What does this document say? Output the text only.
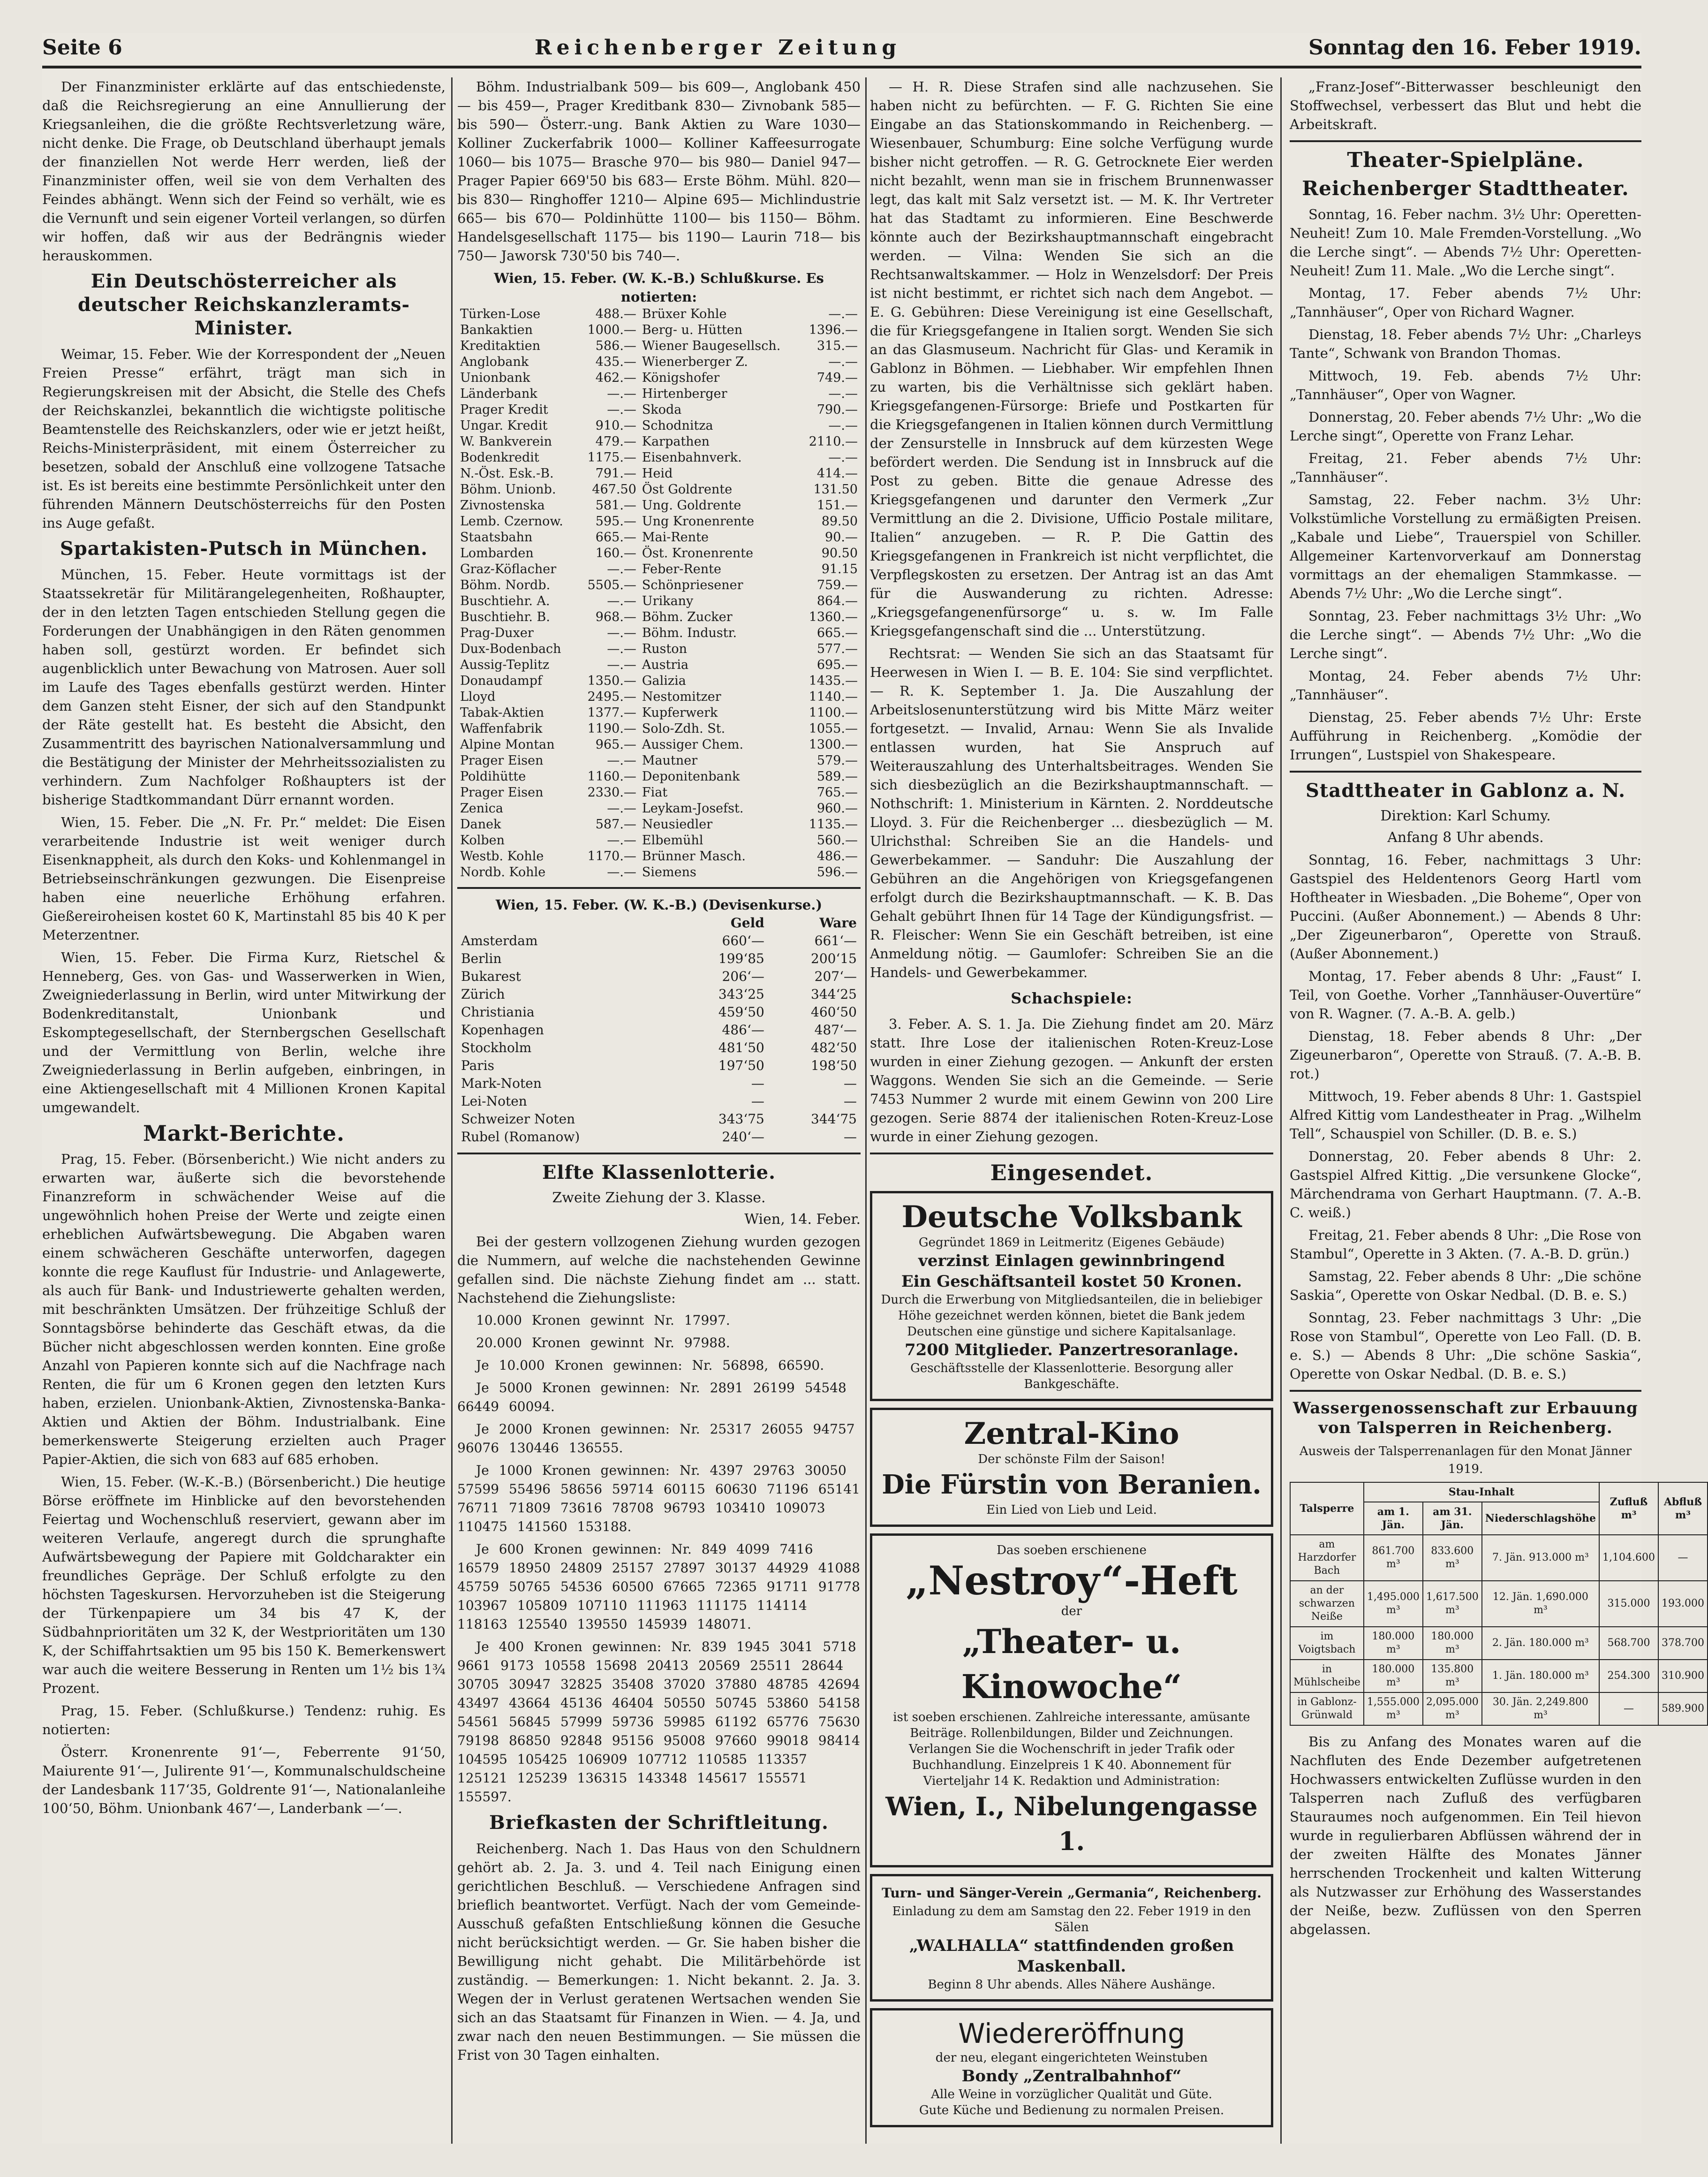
Seite 6	Reichenberger Zeitung	Sonntag den 16. Feber 1919.

Der Finanzminister erklärte auf das entschiedenste, daß die Reichsregierung an eine Annullierung der Kriegsanleihen, die die größte Rechtsverletzung wäre, nicht denke. Die Frage, ob Deutschland überhaupt jemals der finanziellen Not werde Herr werden, ließ der Finanzminister offen, weil sie von dem Verhalten des Feindes abhängt. Wenn sich der Feind so verhält, wie es die Vernunft und sein eigener Vorteil verlangen, so dürfen wir hoffen, daß wir aus der Bedrängnis wieder herauskommen.

Ein Deutschösterreicher als deutscher Reichskanzleramts-Minister.

Weimar, 15. Feber. Wie der Korrespondent der „Neuen Freien Presse“ erfährt, trägt man sich in Regierungskreisen mit der Absicht, die Stelle des Chefs der Reichskanzlei, bekanntlich die wichtigste politische Beamtenstelle des Reichskanzlers, oder wie er jetzt heißt, Reichs-Ministerpräsident, mit einem Österreicher zu besetzen, sobald der Anschluß eine vollzogene Tatsache ist. Es ist bereits eine bestimmte Persönlichkeit unter den führenden Männern Deutschösterreichs für den Posten ins Auge gefaßt.

Spartakisten-Putsch in München.

München, 15. Feber. Heute vormittags ist der Staatssekretär für Militärangelegenheiten, Roßhaupter, der in den letzten Tagen entschieden Stellung gegen die Forderungen der Unabhängigen in den Räten genommen haben soll, gestürzt worden. Er befindet sich augenblicklich unter Bewachung von Matrosen. Auer soll im Laufe des Tages ebenfalls gestürzt werden. Hinter dem Ganzen steht Eisner, der sich auf den Standpunkt der Räte gestellt hat. Es besteht die Absicht, den Zusammentritt des bayrischen Nationalversammlung und die Bestätigung der Minister der Mehrheitssozialisten zu verhindern. Zum Nachfolger Roßhaupters ist der bisherige Stadtkommandant Dürr ernannt worden.

Wien, 15. Feber. Die „N. Fr. Pr.“ meldet: Die Eisen verarbeitende Industrie ist weit weniger durch Eisenknappheit, als durch den Koks- und Kohlenmangel in Betriebseinschränkungen gezwungen. Die Eisenpreise haben eine neuerliche Erhöhung erfahren. Gießereiroheisen kostet 60 K, Martinstahl 85 bis 40 K per Meterzentner.

Wien, 15. Feber. Die Firma Kurz, Rietschel & Henneberg, Ges. von Gas- und Wasserwerken in Wien, Zweigniederlassung in Berlin, wird unter Mitwirkung der Bodenkreditanstalt, Unionbank und Eskomptegesellschaft, der Sternbergschen Gesellschaft und der Vermittlung von Berlin, welche ihre Zweigniederlassung in Berlin aufgeben, einbringen, in eine Aktiengesellschaft mit 4 Millionen Kronen Kapital umgewandelt.

Markt-Berichte.

Prag, 15. Feber. (Börsenbericht.) Wie nicht anders zu erwarten war, äußerte sich die bevorstehende Finanzreform in schwächender Weise auf die ungewöhnlich hohen Preise der Werte und zeigte einen erheblichen Aufwärtsbewegung. Die Abgaben waren einem schwächeren Geschäfte unterworfen, dagegen konnte die rege Kauflust für Industrie- und Anlagewerte, als auch für Bank- und Industriewerte gehalten werden, mit beschränkten Umsätzen. Der frühzeitige Schluß der Sonntagsbörse behinderte das Geschäft etwas, da die Bücher nicht abgeschlossen werden konnten. Eine große Anzahl von Papieren konnte sich auf die Nachfrage nach Renten, die für um 6 Kronen gegen den letzten Kurs haben, erzielen. Unionbank-Aktien, Zivnostenska-Banka-Aktien und Aktien der Böhm. Industrialbank. Eine bemerkenswerte Steigerung erzielten auch Prager Papier-Aktien, die sich von 683 auf 685 erhoben.

Wien, 15. Feber. (W.-K.-B.) (Börsenbericht.) Die heutige Börse eröffnete im Hinblicke auf den bevorstehenden Feiertag und Wochenschluß reserviert, gewann aber im weiteren Verlaufe, angeregt durch die sprunghafte Aufwärtsbewegung der Papiere mit Goldcharakter ein freundliches Gepräge. Der Schluß erfolgte zu den höchsten Tageskursen. Hervorzuheben ist die Steigerung der Türkenpapiere um 34 bis 47 K, der Südbahnprioritäten um 32 K, der Westprioritäten um 130 K, der Schiffahrtsaktien um 95 bis 150 K. Bemerkenswert war auch die weitere Besserung in Renten um 1½ bis 1¾ Prozent.

Prag, 15. Feber. (Schlußkurse.) Tendenz: ruhig. Es notierten:

Österr. Kronenrente 91‘—, Feberrente 91‘50, Maiurente 91‘—, Julirente 91‘—, Kommunalschuldscheine der Landesbank 117‘35, Goldrente 91‘—, Nationalanleihe 100‘50, Böhm. Unionbank 467‘—, Landerbank —‘—.

Böhm. Industrialbank 509— bis 609—, Anglobank 450— bis 459—, Prager Kreditbank 830— Zivnobank 585— bis 590— Österr.-ung. Bank Aktien zu Ware 1030— Kolliner Zuckerfabrik 1000— Kolliner Kaffeesurrogate 1060— bis 1075— Brasche 970— bis 980— Daniel 947— Prager Papier 669'50 bis 683— Erste Böhm. Mühl. 820— bis 830— Ringhoffer 1210— Alpine 695— Michlindustrie 665— bis 670— Poldinhütte 1100— bis 1150— Böhm. Handelsgesellschaft 1175— bis 1190— Laurin 718— bis 750— Jaworsk 730'50 bis 740—.

Wien, 15. Feber. (W. K.-B.) Schlußkurse. Es notierten:
Türken-Lose	488.—	Brüxer Kohle	—.—
Bankaktien	1000.—	Berg- u. Hütten	1396.—
Kreditaktien	586.—	Wiener Baugesellsch.	315.—
Anglobank	435.—	Wienerberger Z.	—.—
Unionbank	462.—	Königshofer	749.—
Länderbank	—.—	Hirtenberger	—.—
Prager Kredit	—.—	Skoda	790.—
Ungar. Kredit	910.—	Schodnitza	—.—
W. Bankverein	479.—	Karpathen	2110.—
Bodenkredit	1175.—	Eisenbahnverk.	—.—
N.-Öst. Esk.-B.	791.—	Heid	414.—
Böhm. Unionb.	467.50	Öst Goldrente	131.50
Zivnostenska	581.—	Ung. Goldrente	151.—
Lemb. Czernow.	595.—	Ung Kronenrente	89.50
Staatsbahn	665.—	Mai-Rente	90.—
Lombarden	160.—	Öst. Kronenrente	90.50
Graz-Köflacher	—.—	Feber-Rente	91.15
Böhm. Nordb.	5505.—	Schönpriesener	759.—
Buschtiehr. A.	—.—	Urikany	864.—
Buschtiehr. B.	968.—	Böhm. Zucker	1360.—
Prag-Duxer	—.—	Böhm. Industr.	665.—
Dux-Bodenbach	—.—	Ruston	577.—
Aussig-Teplitz	—.—	Austria	695.—
Donaudampf	1350.—	Galizia	1435.—
Lloyd	2495.—	Nestomitzer	1140.—
Tabak-Aktien	1377.—	Kupferwerk	1100.—
Waffenfabrik	1190.—	Solo-Zdh. St.	1055.—
Alpine Montan	965.—	Aussiger Chem.	1300.—
Prager Eisen	—.—	Mautner	579.—
Poldihütte	1160.—	Deponitenbank	589.—
Prager Eisen	2330.—	Fiat	765.—
Zenica	—.—	Leykam-Josefst.	960.—
Danek	587.—	Neusiedler	1135.—
Kolben	—.—	Elbemühl	560.—
Westb. Kohle	1170.—	Brünner Masch.	486.—
Nordb. Kohle	—.—	Siemens	596.—
Wien, 15. Feber. (W. K.-B.) (Devisenkurse.)
	Geld	Ware
Amsterdam	660‘—	661‘—
Berlin	199‘85	200‘15
Bukarest	206‘—	207‘—
Zürich	343‘25	344‘25
Christiania	459‘50	460‘50
Kopenhagen	486‘—	487‘—
Stockholm	481‘50	482‘50
Paris	197‘50	198‘50
Mark-Noten	—	—
Lei-Noten	—	—
Schweizer Noten	343‘75	344‘75
Rubel (Romanow)	240‘—	—
Elfte Klassenlotterie.
Zweite Ziehung der 3. Klasse.
Wien, 14. Feber.

Bei der gestern vollzogenen Ziehung wurden gezogen die Nummern, auf welche die nachstehenden Gewinne gefallen sind. Die nächste Ziehung findet am ... statt. Nachstehend die Ziehungsliste:

10.000 Kronen gewinnt Nr. 17997.

20.000 Kronen gewinnt Nr. 97988.

Je 10.000 Kronen gewinnen: Nr. 56898, 66590.

Je 5000 Kronen gewinnen: Nr. 2891 26199 54548 66449 60094.

Je 2000 Kronen gewinnen: Nr. 25317 26055 94757 96076 130446 136555.

Je 1000 Kronen gewinnen: Nr. 4397 29763 30050 57599 55496 58656 59714 60115 60630 71196 65141 76711 71809 73616 78708 96793 103410 109073 110475 141560 153188.

Je 600 Kronen gewinnen: Nr. 849 4099 7416 16579 18950 24809 25157 27897 30137 44929 41088 45759 50765 54536 60500 67665 72365 91711 91778 103967 105809 107110 111963 111175 114114 118163 125540 139550 145939 148071.

Je 400 Kronen gewinnen: Nr. 839 1945 3041 5718 9661 9173 10558 15698 20413 20569 25511 28644 30705 30947 32825 35408 37020 37880 48785 42694 43497 43664 45136 46404 50550 50745 53860 54158 54561 56845 57999 59736 59985 61192 65776 75630 79198 86850 92848 95156 95008 97660 99018 98414 104595 105425 106909 107712 110585 113357 125121 125239 136315 143348 145617 155571 155597.

Briefkasten der Schriftleitung.

Reichenberg. Nach 1. Das Haus von den Schuldnern gehört ab. 2. Ja. 3. und 4. Teil nach Einigung einen gerichtlichen Beschluß. — Verschiedene Anfragen sind brieflich beantwortet. Verfügt. Nach der vom Gemeinde-Ausschuß gefaßten Entschließung können die Gesuche nicht berücksichtigt werden. — Gr. Sie haben bisher die Bewilligung nicht gehabt. Die Militärbehörde ist zuständig. — Bemerkungen: 1. Nicht bekannt. 2. Ja. 3. Wegen der in Verlust geratenen Wertsachen wenden Sie sich an das Staatsamt für Finanzen in Wien. — 4. Ja, und zwar nach den neuen Bestimmungen. — Sie müssen die Frist von 30 Tagen einhalten.

— H. R. Diese Strafen sind alle nachzusehen. Sie haben nicht zu befürchten. — F. G. Richten Sie eine Eingabe an das Stationskommando in Reichenberg. — Wiesenbauer, Schumburg: Eine solche Verfügung wurde bisher nicht getroffen. — R. G. Getrocknete Eier werden nicht bezahlt, wenn man sie in frischem Brunnenwasser legt, das kalt mit Salz versetzt ist. — M. K. Ihr Vertreter hat das Stadtamt zu informieren. Eine Beschwerde könnte auch der Bezirkshauptmannschaft eingebracht werden. — Vilna: Wenden Sie sich an die Rechtsanwaltskammer. — Holz in Wenzelsdorf: Der Preis ist nicht bestimmt, er richtet sich nach dem Angebot. — E. G. Gebühren: Diese Vereinigung ist eine Gesellschaft, die für Kriegsgefangene in Italien sorgt. Wenden Sie sich an das Glasmuseum. Nachricht für Glas- und Keramik in Gablonz in Böhmen. — Liebhaber. Wir empfehlen Ihnen zu warten, bis die Verhältnisse sich geklärt haben. Kriegsgefangenen-Fürsorge: Briefe und Postkarten für die Kriegsgefangenen in Italien können durch Vermittlung der Zensurstelle in Innsbruck auf dem kürzesten Wege befördert werden. Die Sendung ist in Innsbruck auf die Post zu geben. Bitte die genaue Adresse des Kriegsgefangenen und darunter den Vermerk „Zur Vermittlung an die 2. Divisione, Ufficio Postale militare, Italien“ anzugeben. — R. P. Die Gattin des Kriegsgefangenen in Frankreich ist nicht verpflichtet, die Verpflegskosten zu ersetzen. Der Antrag ist an das Amt für die Auswanderung zu richten. Adresse: „Kriegsgefangenenfürsorge“ u. s. w. Im Falle Kriegsgefangenschaft sind die ... Unterstützung.

Rechtsrat: — Wenden Sie sich an das Staatsamt für Heerwesen in Wien I. — B. E. 104: Sie sind verpflichtet. — R. K. September 1. Ja. Die Auszahlung der Arbeitslosenunterstützung wird bis Mitte März weiter fortgesetzt. — Invalid, Arnau: Wenn Sie als Invalide entlassen wurden, hat Sie Anspruch auf Weiterauszahlung des Unterhaltsbeitrages. Wenden Sie sich diesbezüglich an die Bezirkshauptmannschaft. — Nothschrift: 1. Ministerium in Kärnten. 2. Norddeutsche Lloyd. 3. Für die Reichenberger ... diesbezüglich — M. Ulrichsthal: Schreiben Sie an die Handels- und Gewerbekammer. — Sanduhr: Die Auszahlung der Gebühren an die Angehörigen von Kriegsgefangenen erfolgt durch die Bezirkshauptmannschaft. — K. B. Das Gehalt gebührt Ihnen für 14 Tage der Kündigungsfrist. — R. Fleischer: Wenn Sie ein Geschäft betreiben, ist eine Anmeldung nötig. — Gaumlofer: Schreiben Sie an die Handels- und Gewerbekammer.

Schachspiele:

3. Feber. A. S. 1. Ja. Die Ziehung findet am 20. März statt. Ihre Lose der italienischen Roten-Kreuz-Lose wurden in einer Ziehung gezogen. — Ankunft der ersten Waggons. Wenden Sie sich an die Gemeinde. — Serie 7453 Nummer 2 wurde mit einem Gewinn von 200 Lire gezogen. Serie 8874 der italienischen Roten-Kreuz-Lose wurde in einer Ziehung gezogen.

Eingesendet.
Deutsche Volksbank
Gegründet 1869 in Leitmeritz (Eigenes Gebäude)
verzinst Einlagen gewinnbringend
Ein Geschäftsanteil kostet 50 Kronen.
Durch die Erwerbung von Mitgliedsanteilen, die in beliebiger Höhe gezeichnet werden können, bietet die Bank jedem Deutschen eine günstige und sichere Kapitalsanlage.
7200 Mitglieder. Panzertresoranlage.
Geschäftsstelle der Klassenlotterie. Besorgung aller Bankgeschäfte.
Zentral-Kino
Der schönste Film der Saison!
Die Fürstin von Beranien.
Ein Lied von Lieb und Leid.
Das soeben erschienene
„Nestroy“-Heft
der
„Theater- u. Kinowoche“
ist soeben erschienen. Zahlreiche interessante, amüsante Beiträge. Rollenbildungen, Bilder und Zeichnungen. Verlangen Sie die Wochenschrift in jeder Trafik oder Buchhandlung. Einzelpreis 1 K 40. Abonnement für Vierteljahr 14 K. Redaktion und Administration:
Wien, I., Nibelungengasse 1.
Turn- und Sänger-Verein „Germania“, Reichenberg.
Einladung zu dem am Samstag den 22. Feber 1919 in den Sälen
„WALHALLA“ stattfindenden großen Maskenball.
Beginn 8 Uhr abends. Alles Nähere Aushänge.
Wiedereröffnung
der neu, elegant eingerichteten Weinstuben
Bondy „Zentralbahnhof“
Alle Weine in vorzüglicher Qualität und Güte.
Gute Küche und Bedienung zu normalen Preisen.

„Franz-Josef“-Bitterwasser beschleunigt den Stoffwechsel, verbessert das Blut und hebt die Arbeitskraft.

Theater-Spielpläne.
Reichenberger Stadttheater.

Sonntag, 16. Feber nachm. 3½ Uhr: Operetten-Neuheit! Zum 10. Male Fremden-Vorstellung. „Wo die Lerche singt“. — Abends 7½ Uhr: Operetten-Neuheit! Zum 11. Male. „Wo die Lerche singt“.

Montag, 17. Feber abends 7½ Uhr: „Tannhäuser“, Oper von Richard Wagner.

Dienstag, 18. Feber abends 7½ Uhr: „Charleys Tante“, Schwank von Brandon Thomas.

Mittwoch, 19. Feb. abends 7½ Uhr: „Tannhäuser“, Oper von Wagner.

Donnerstag, 20. Feber abends 7½ Uhr: „Wo die Lerche singt“, Operette von Franz Lehar.

Freitag, 21. Feber abends 7½ Uhr: „Tannhäuser“.

Samstag, 22. Feber nachm. 3½ Uhr: Volkstümliche Vorstellung zu ermäßigten Preisen. „Kabale und Liebe“, Trauerspiel von Schiller. Allgemeiner Kartenvorverkauf am Donnerstag vormittags an der ehemaligen Stammkasse. — Abends 7½ Uhr: „Wo die Lerche singt“.

Sonntag, 23. Feber nachmittags 3½ Uhr: „Wo die Lerche singt“. — Abends 7½ Uhr: „Wo die Lerche singt“.

Montag, 24. Feber abends 7½ Uhr: „Tannhäuser“.

Dienstag, 25. Feber abends 7½ Uhr: Erste Aufführung in Reichenberg. „Komödie der Irrungen“, Lustspiel von Shakespeare.

Stadttheater in Gablonz a. N.
Direktion: Karl Schumy.
Anfang 8 Uhr abends.

Sonntag, 16. Feber, nachmittags 3 Uhr: Gastspiel des Heldentenors Georg Hartl vom Hoftheater in Wiesbaden. „Die Boheme“, Oper von Puccini. (Außer Abonnement.) — Abends 8 Uhr: „Der Zigeunerbaron“, Operette von Strauß. (Außer Abonnement.)

Montag, 17. Feber abends 8 Uhr: „Faust“ I. Teil, von Goethe. Vorher „Tannhäuser-Ouvertüre“ von R. Wagner. (7. A.-B. A. gelb.)

Dienstag, 18. Feber abends 8 Uhr: „Der Zigeunerbaron“, Operette von Strauß. (7. A.-B. B. rot.)

Mittwoch, 19. Feber abends 8 Uhr: 1. Gastspiel Alfred Kittig vom Landestheater in Prag. „Wilhelm Tell“, Schauspiel von Schiller. (D. B. e. S.)

Donnerstag, 20. Feber abends 8 Uhr: 2. Gastspiel Alfred Kittig. „Die versunkene Glocke“, Märchendrama von Gerhart Hauptmann. (7. A.-B. C. weiß.)

Freitag, 21. Feber abends 8 Uhr: „Die Rose von Stambul“, Operette in 3 Akten. (7. A.-B. D. grün.)

Samstag, 22. Feber abends 8 Uhr: „Die schöne Saskia“, Operette von Oskar Nedbal. (D. B. e. S.)

Sonntag, 23. Feber nachmittags 3 Uhr: „Die Rose von Stambul“, Operette von Leo Fall. (D. B. e. S.) — Abends 8 Uhr: „Die schöne Saskia“, Operette von Oskar Nedbal. (D. B. e. S.)

Wassergenossenschaft zur Erbauung von Talsperren in Reichenberg.
Ausweis der Talsperrenanlagen für den Monat Jänner 1919.
Talsperre	Stau-Inhalt			Zufluß m³	Abfluß m³
	am 1. Jän.	am 31. Jän.	Niederschlagshöhe		
am Harzdorfer Bach	861.700 m³	833.600 m³	7. Jän. 913.000 m³	1,104.600	—
an der schwarzen Neiße	1,495.000 m³	1,617.500 m³	12. Jän. 1,690.000 m³	315.000	193.000
im Voigtsbach	180.000 m³	180.000 m³	2. Jän. 180.000 m³	568.700	378.700
in Mühlscheibe	180.000 m³	135.800 m³	1. Jän. 180.000 m³	254.300	310.900
in Gablonz-Grünwald	1,555.000 m³	2,095.000 m³	30. Jän. 2,249.800 m³	—	589.900

Bis zu Anfang des Monates waren auf die Nachfluten des Ende Dezember aufgetretenen Hochwassers entwickelten Zuflüsse wurden in den Talsperren nach Zufluß des verfügbaren Stauraumes noch aufgenommen. Ein Teil hievon wurde in regulierbaren Abflüssen während der in der zweiten Hälfte des Monates Jänner herrschenden Trockenheit und kalten Witterung als Nutzwasser zur Erhöhung des Wasserstandes der Neiße, bezw. Zuflüssen von den Sperren abgelassen.
